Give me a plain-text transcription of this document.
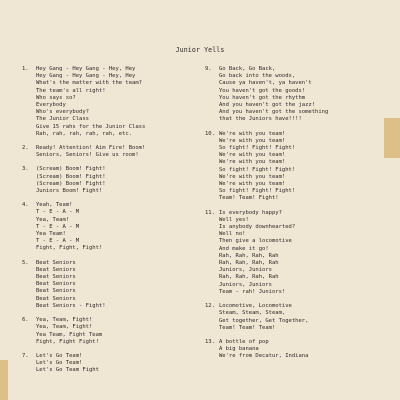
Junior Yells
1.	Hey Gang - Hey Gang - Hey, Hey
Hey Gang - Hey Gang - Hey, Hey
What's the matter with the team?
The team's all right!
Who says so?
Everybody
Who's everybody?
The Junior Class
Give 15 rahs for the Junior Class
Rah, rah, rah, rah, rah, etc.
2.	Ready! Attention! Aim Fire! Boom!
Seniors, Seniors! Give us room!
3.	(Scream) Boom! Fight!
(Scream) Boom! Fight!
(Scream) Boom! Fight!
Juniors Boom! Fight!
4.	Yeah, Team!
T - E - A - M
Yea, Team!
T - E - A - M
Yea Team!
T - E - A - M
Fight, Fight, Fight!
5.	Beat Seniors
Beat Seniors
Beat Seniors
Beat Seniors
Beat Seniors
Beat Seniors
Beat Seniors - Fight!
6.	Yea, Team, Fight!
Yea, Team, Fight!
Yea Team, Fight Team
Fight, Fight Fight!
7.	Let's Go Team!
Let's Go Team!
Let's Go Team Fight
9.	Go Back, Go Back,
Go back into the woods,
Cause ya haven't, ya haven't
You haven't got the goods!
You haven't got the rhythm
And you haven't got the jazz!
And you haven't got the something
that the Juniors have!!!!
10. We're with you team!
We're with you team!
So fight! Fight! Fight!
We're with you team!
We're with you team!
So fight! Fight! Fight!
We're with you team!
We're with you team!
So fight! Fight! Fight!
Team! Team! Fight!
11. Is everybody happy?
Well yes!
Is anybody downhearted?
Well no!
Then give a locomotive
And make it go!
Rah, Rah, Rah, Rah
Rah, Rah, Rah, Rah
Juniors, Juniors
Rah, Rah, Rah, Rah
Juniors, Juniors
Team - rah! Juniors!
12. Locomotive, Locomotive
Steam, Steam, Steam,
Get together, Get Together,
Team! Team! Team!
13. A bottle of pop
A big banana
We're from Decatur, Indiana
